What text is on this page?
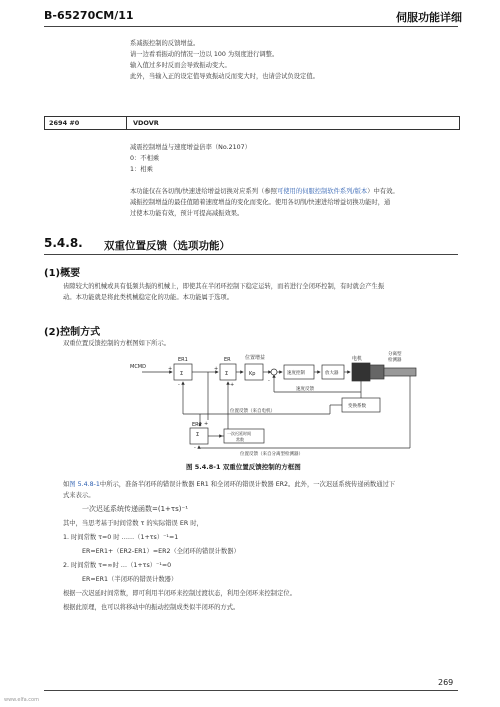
B-65270CM/11	伺服功能详细
系减振控制的反馈增益。
请一边看看振动的情况一边以 100 为刻度进行调整。
输入值过多时反而会导致振动变大。
此外，当输入正的设定值导致振动反而变大时，也请尝试负设定值。
2694 #0	VDOVR
减震控制增益与速度增益倍率（No.2107）
0：不相乘
1：相乘
本功能仅在各切削/快速进给增益切换对应系列（参照可使用的伺服控制软件系列/版本）中有效。
减振控制增益的最佳值随着速度增益的变化而变化。使用各切削/快速进给增益切换功能时，通
过使本功能有效，预计可提高减振效果。
5.4.8. 双重位置反馈（选项功能）
(1)概要
齿隙较大的机械或具有低频共振的机械上，即使其在半闭环控制下稳定运转，而若进行全闭环控制，有时就会产生振
动。本功能就是将此类机械稳定化的功能。本功能属于选项。
(2)控制方式
双重位置反馈控制的方框图如下所示。
MCMD
ER1
Σ	Σ
Σ
ER
ER2
位置增益
Kp	速度控制	放大器
电机
分离型
检测器
速度反馈
变换系数
位置反馈（来自电机）
一次迟延时间
常数
位置反馈（来自分离型检测器）
+
-
+
+
-
+
-
图 5.4.8-1 双重位置反馈控制的方框图
如图 5.4.8-1中所示，准备半闭环的错误计数器 ER1 和全闭环的错误计数器 ER2。此外，一次迟延系统传递函数通过下
式来表示。
一次迟延系统传递函数=(1+τs)⁻¹
其中，当思考基于时间常数 τ 的实际错误 ER 时，
1. 时间常数 τ=0 时 ……（1+τs）⁻¹=1
ER=ER1+（ER2-ER1）=ER2（全闭环的错误计数器）
2. 时间常数 τ=∞时 …（1+τs）⁻¹=0
ER=ER1（半闭环的错误计数器）
根据一次迟延时间常数，即可利用半闭环来控制过渡状态，利用全闭环来控制定位。
根据此原理，也可以将移动中的振动控制成类似半闭环的方式。
269
www.elfa.com
